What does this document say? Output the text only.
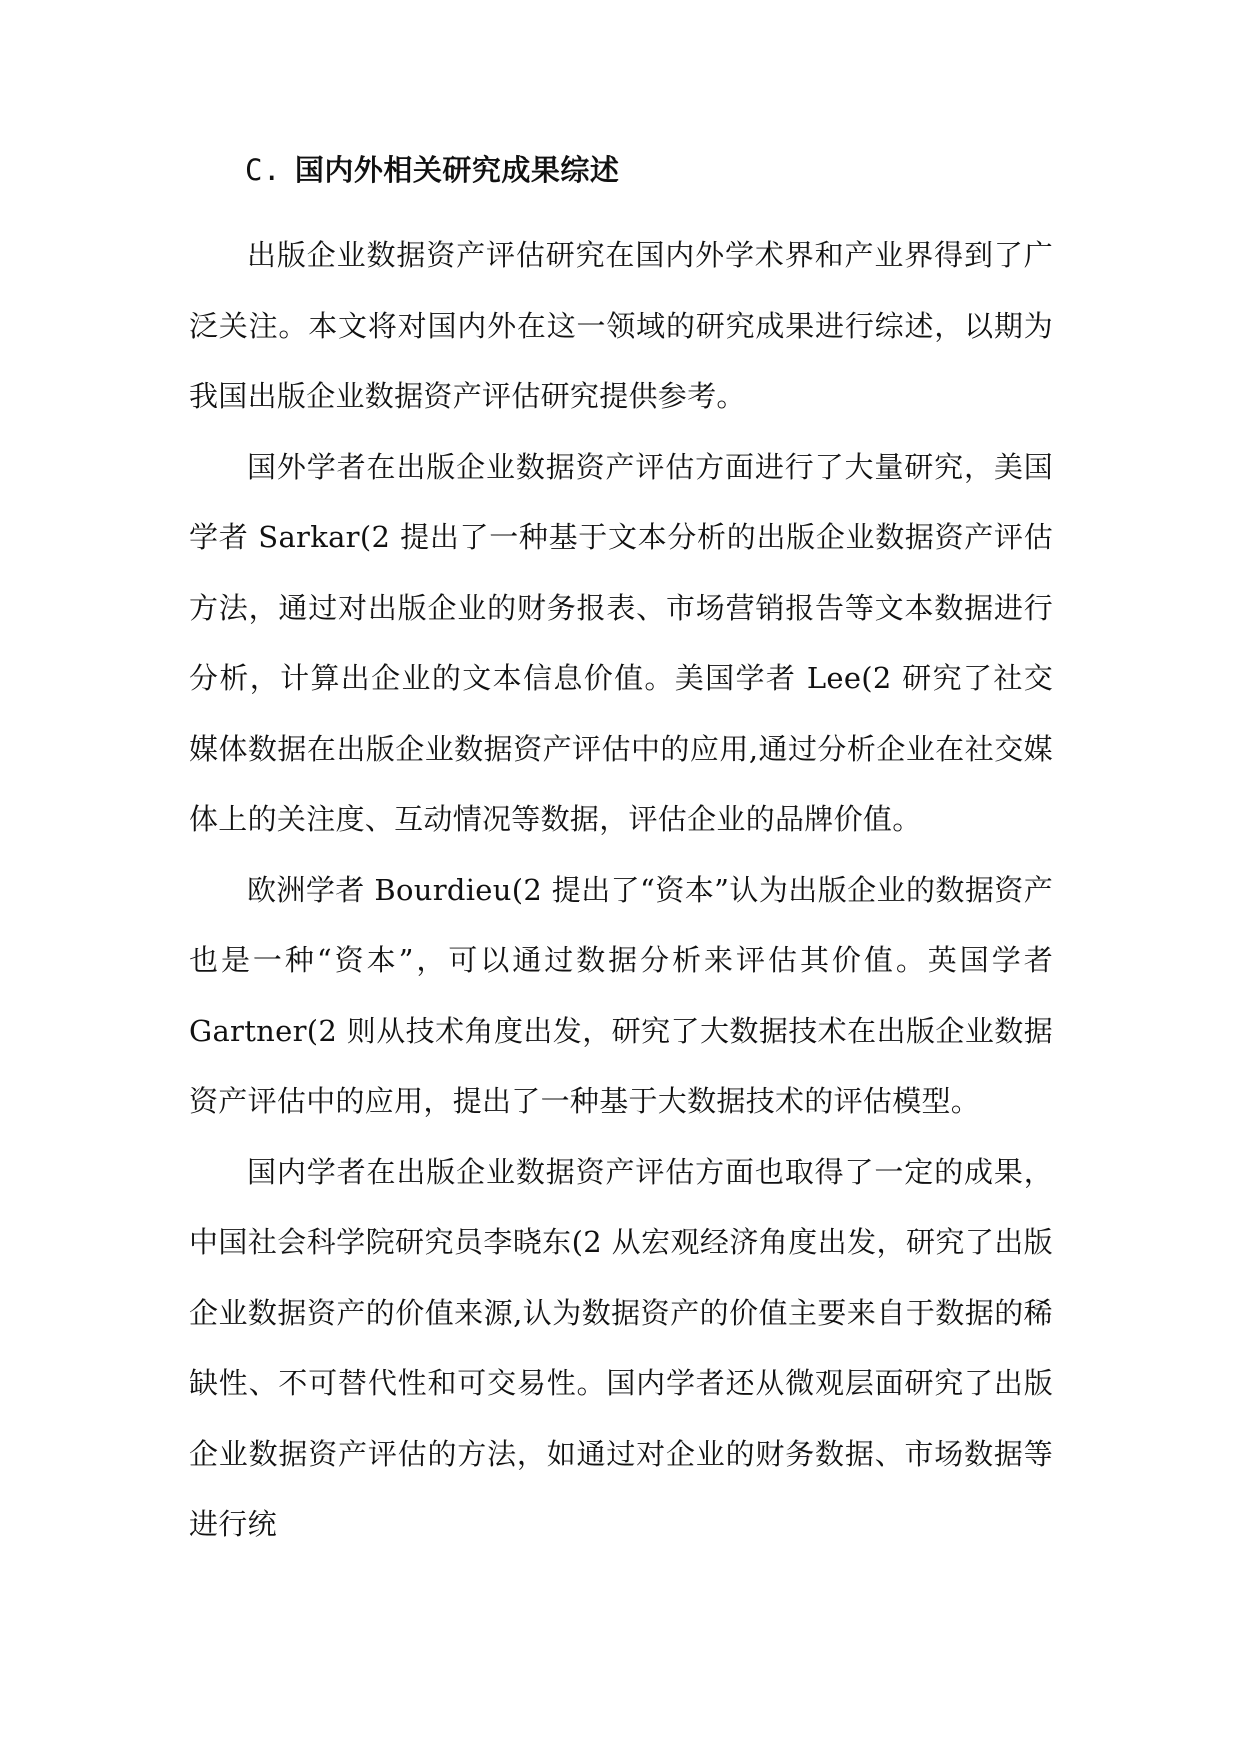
C. 国内外相关研究成果综述

出版企业数据资产评估研究在国内外学术界和产业界得到了广泛关注。本文将对国内外在这一领域的研究成果进行综述，以期为我国出版企业数据资产评估研究提供参考。

国外学者在出版企业数据资产评估方面进行了大量研究，美国学者 Sarkar(2 提出了一种基于文本分析的出版企业数据资产评估方法，通过对出版企业的财务报表、市场营销报告等文本数据进行分析，计算出企业的文本信息价值。美国学者 Lee(2 研究了社交媒体数据在出版企业数据资产评估中的应用,通过分析企业在社交媒体上的关注度、互动情况等数据，评估企业的品牌价值。

欧洲学者 Bourdieu(2 提出了“资本”认为出版企业的数据资产也是一种“资本”，可以通过数据分析来评估其价值。英国学者 Gartner(2 则从技术角度出发，研究了大数据技术在出版企业数据资产评估中的应用，提出了一种基于大数据技术的评估模型。

国内学者在出版企业数据资产评估方面也取得了一定的成果，中国社会科学院研究员李晓东(2 从宏观经济角度出发，研究了出版企业数据资产的价值来源,认为数据资产的价值主要来自于数据的稀缺性、不可替代性和可交易性。国内学者还从微观层面研究了出版企业数据资产评估的方法，如通过对企业的财务数据、市场数据等进行统
